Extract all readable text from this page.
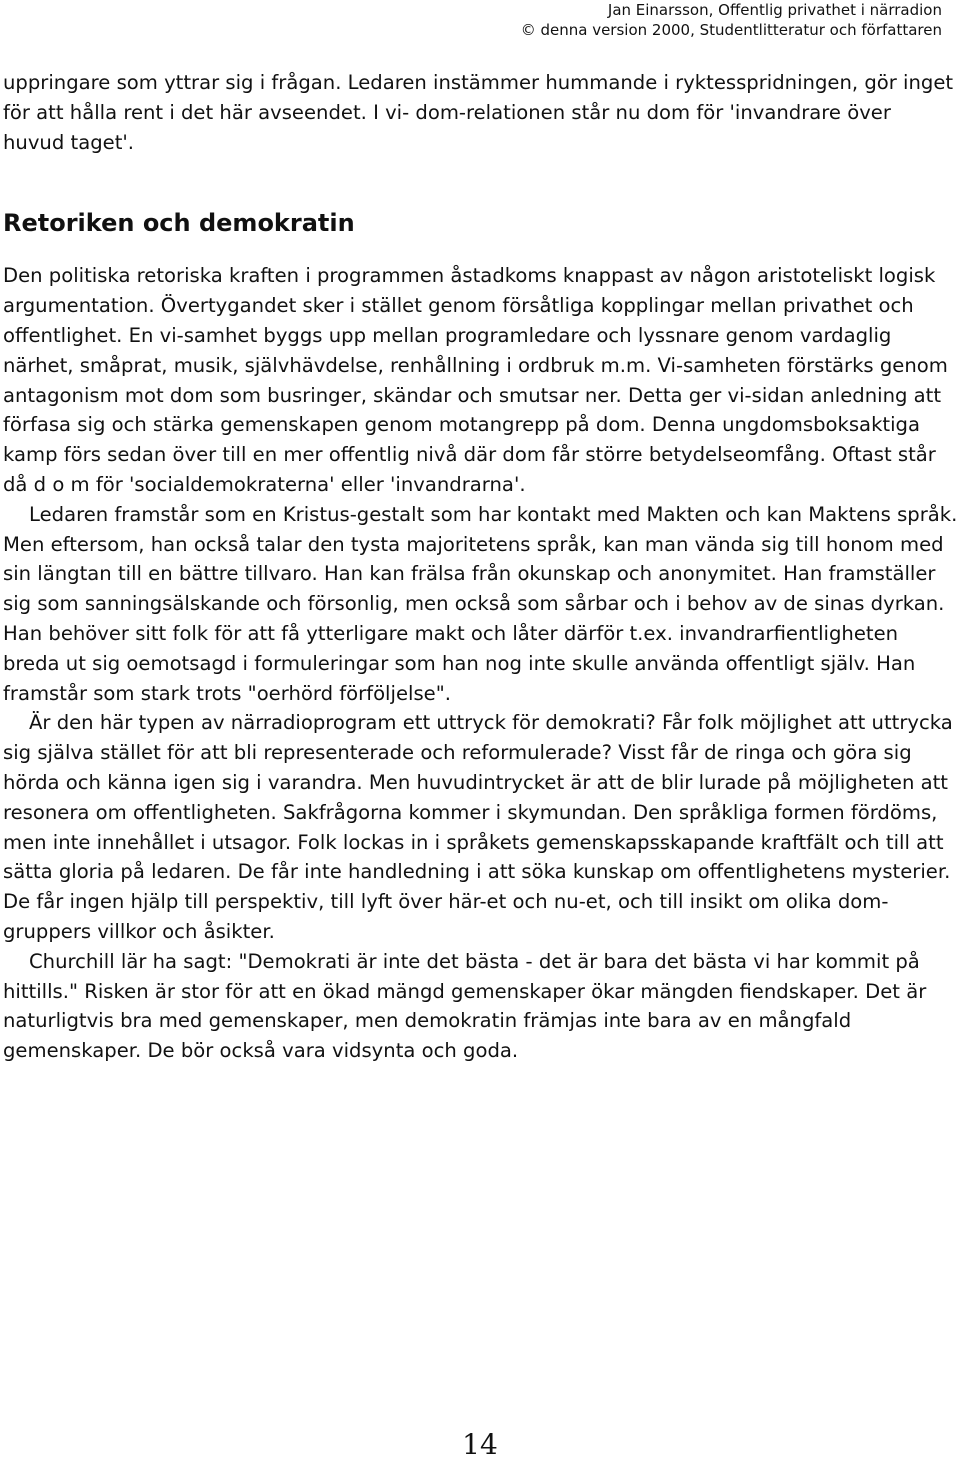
Jan Einarsson, Offentlig privathet i närradion
© denna version 2000, Studentlitteratur och författaren

uppringare som yttrar sig i frågan. Ledaren instämmer hummande i ryktesspridningen, gör inget för att hålla rent i det här avseendet. I vi- dom-relationen står nu dom för 'invandrare över huvud taget'.

Retoriken och demokratin

Den politiska retoriska kraften i programmen åstadkoms knappast av någon aristoteliskt logisk argumentation. Övertygandet sker i stället genom försåtliga kopplingar mellan privathet och offentlighet. En vi-samhet byggs upp mellan programledare och lyssnare genom vardaglig närhet, småprat, musik, självhävdelse, renhållning i ordbruk m.m. Vi-samheten förstärks genom antagonism mot dom som busringer, skändar och smutsar ner. Detta ger vi-sidan anledning att förfasa sig och stärka gemenskapen genom motangrepp på dom. Denna ungdomsboksaktiga kamp förs sedan över till en mer offentlig nivå där dom får större betydelseomfång. Oftast står då d o m för 'socialdemokraterna' eller 'invandrarna'.

Ledaren framstår som en Kristus-gestalt som har kontakt med Makten och kan Maktens språk. Men eftersom, han också talar den tysta majoritetens språk, kan man vända sig till honom med sin längtan till en bättre tillvaro. Han kan frälsa från okunskap och anonymitet. Han framställer sig som sanningsälskande och försonlig, men också som sårbar och i behov av de sinas dyrkan. Han behöver sitt folk för att få ytterligare makt och låter därför t.ex. invandrarfientligheten breda ut sig oemotsagd i formuleringar som han nog inte skulle använda offentligt själv. Han framstår som stark trots "oerhörd förföljelse".

Är den här typen av närradioprogram ett uttryck för demokrati? Får folk möjlighet att uttrycka sig själva stället för att bli representerade och reformulerade? Visst får de ringa och göra sig hörda och känna igen sig i varandra. Men huvudintrycket är att de blir lurade på möjligheten att resonera om offentligheten. Sakfrågorna kommer i skymundan. Den språkliga formen fördöms, men inte innehållet i utsagor. Folk lockas in i språkets gemenskapsskapande kraftfält och till att sätta gloria på ledaren. De får inte handledning i att söka kunskap om offentlighetens mysterier. De får ingen hjälp till perspektiv, till lyft över här-et och nu-et, och till insikt om olika dom-gruppers villkor och åsikter.

Churchill lär ha sagt: "Demokrati är inte det bästa - det är bara det bästa vi har kommit på hittills." Risken är stor för att en ökad mängd gemenskaper ökar mängden fiendskaper. Det är naturligtvis bra med gemenskaper, men demokratin främjas inte bara av en mångfald gemenskaper. De bör också vara vidsynta och goda.

14
